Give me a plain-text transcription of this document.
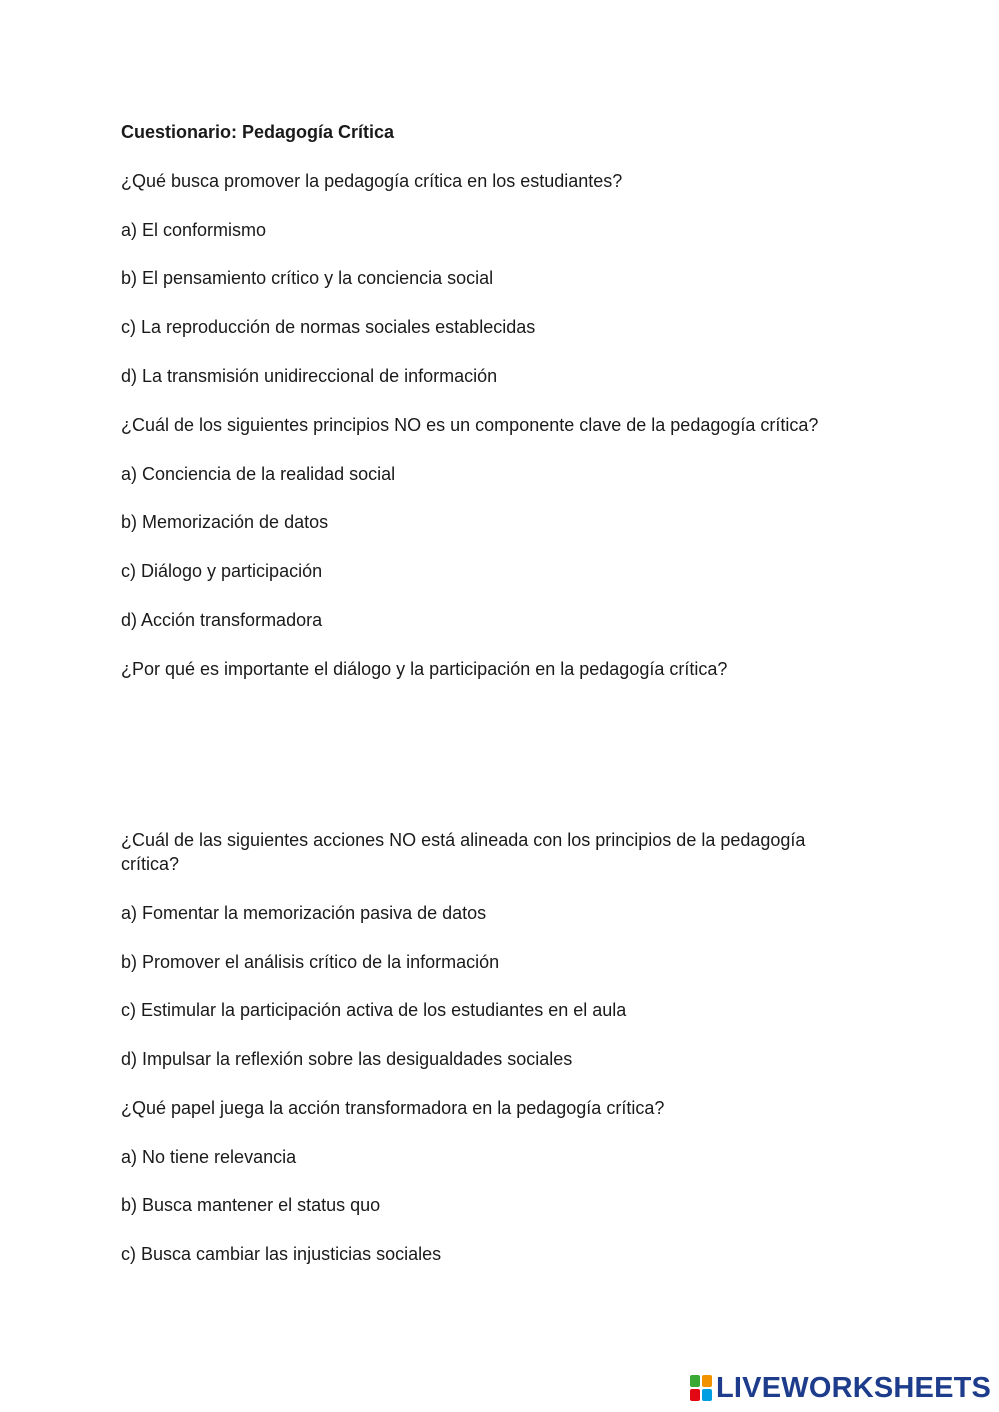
Cuestionario: Pedagogía Crítica
¿Qué busca promover la pedagogía crítica en los estudiantes?
a) El conformismo
b) El pensamiento crítico y la conciencia social
c) La reproducción de normas sociales establecidas
d) La transmisión unidireccional de información
¿Cuál de los siguientes principios NO es un componente clave de la pedagogía crítica?
a) Conciencia de la realidad social
b) Memorización de datos
c) Diálogo y participación
d) Acción transformadora
¿Por qué es importante el diálogo y la participación en la pedagogía crítica?
¿Cuál de las siguientes acciones NO está alineada con los principios de la pedagogía crítica?
a) Fomentar la memorización pasiva de datos
b) Promover el análisis crítico de la información
c) Estimular la participación activa de los estudiantes en el aula
d) Impulsar la reflexión sobre las desigualdades sociales
¿Qué papel juega la acción transformadora en la pedagogía crítica?
a) No tiene relevancia
b) Busca mantener el status quo
c) Busca cambiar las injusticias sociales
LIVEWORKSHEETS
